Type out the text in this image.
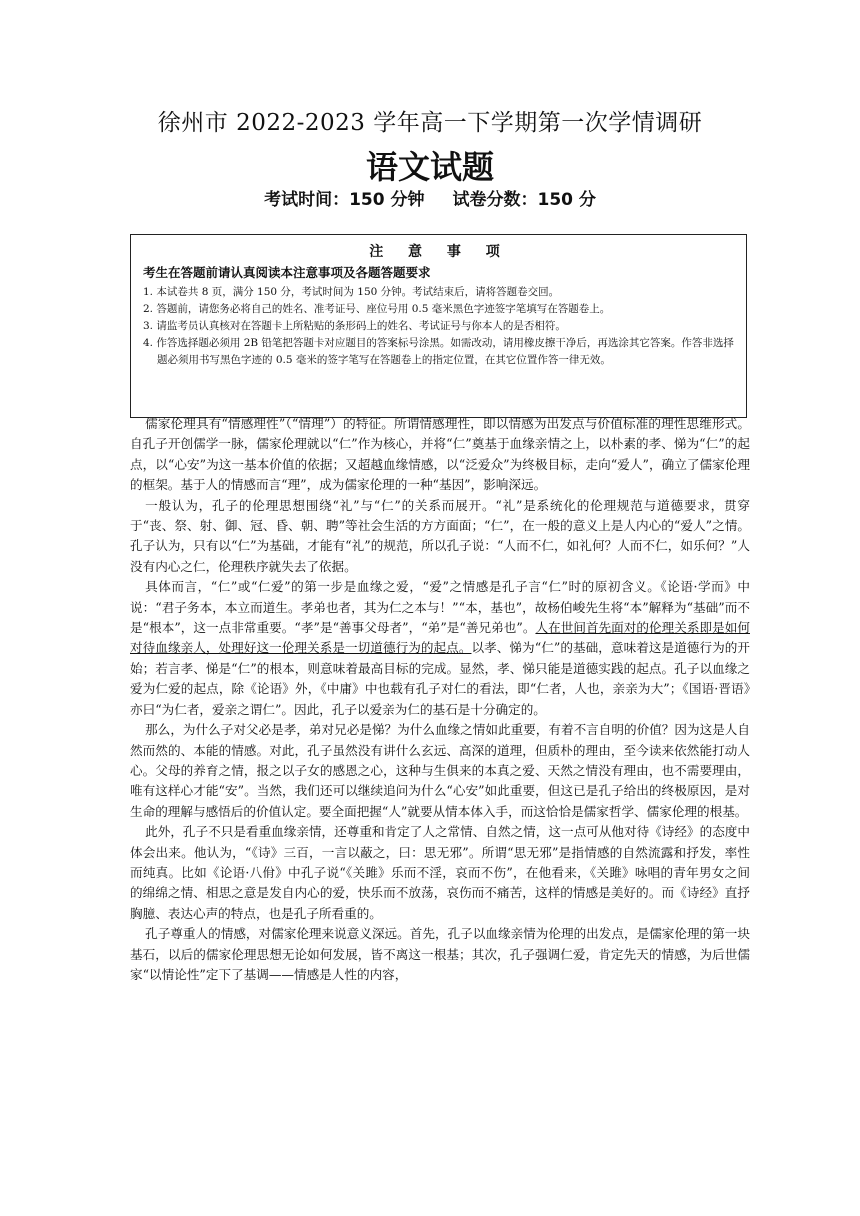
徐州市 2022-2023 学年高一下学期第一次学情调研
语文试题
考试时间：150 分钟 试卷分数：150 分
注 意 事 项
考生在答题前请认真阅读本注意事项及各题答题要求
1. 本试卷共 8 页，满分 150 分，考试时间为 150 分钟。考试结束后，请将答题卷交回。
2. 答题前，请您务必将自己的姓名、准考证号、座位号用 0.5 毫米黑色字迹签字笔填写在答题卷上。
3. 请监考员认真核对在答题卡上所粘贴的条形码上的姓名、考试证号与你本人的是否相符。
4. 作答选择题必须用 2B 铅笔把答题卡对应题目的答案标号涂黑。如需改动，请用橡皮擦干净后，再选涂其它答案。作答非选择题必须用书写黑色字迹的 0.5 毫米的签字笔写在答题卷上的指定位置，在其它位置作答一律无效。

儒家伦理具有“情感理性”（“情理”）的特征。所谓情感理性，即以情感为出发点与价值标准的理性思维形式。自孔子开创儒学一脉，儒家伦理就以“仁”作为核心，并将“仁”奠基于血缘亲情之上，以朴素的孝、悌为“仁”的起点，以“心安”为这一基本价值的依据；又超越血缘情感，以“泛爱众”为终极目标，走向“爱人”，确立了儒家伦理的框架。基于人的情感而言“理”，成为儒家伦理的一种“基因”，影响深远。

一般认为，孔子的伦理思想围绕“礼”与“仁”的关系而展开。“礼”是系统化的伦理规范与道德要求，贯穿于“丧、祭、射、御、冠、昏、朝、聘”等社会生活的方方面面；“仁”，在一般的意义上是人内心的“爱人”之情。孔子认为，只有以“仁”为基础，才能有“礼”的规范，所以孔子说：“人而不仁，如礼何？人而不仁，如乐何？”人没有内心之仁，伦理秩序就失去了依据。

具体而言，“仁”或“仁爱”的第一步是血缘之爱，“爱”之情感是孔子言“仁”时的原初含义。《论语·学而》中说：“君子务本，本立而道生。孝弟也者，其为仁之本与！”“本，基也”，故杨伯峻先生将“本”解释为“基础”而不是“根本”，这一点非常重要。“孝”是“善事父母者”，“弟”是“善兄弟也”。人在世间首先面对的伦理关系即是如何对待血缘亲人，处理好这一伦理关系是一切道德行为的起点。以孝、悌为“仁”的基础，意味着这是道德行为的开始；若言孝、悌是“仁”的根本，则意味着最高目标的完成。显然，孝、悌只能是道德实践的起点。孔子以血缘之爱为仁爱的起点，除《论语》外，《中庸》中也载有孔子对仁的看法，即“仁者，人也，亲亲为大”；《国语·晋语》亦曰“为仁者，爱亲之谓仁”。因此，孔子以爱亲为仁的基石是十分确定的。

那么，为什么子对父必是孝，弟对兄必是悌？为什么血缘之情如此重要，有着不言自明的价值？因为这是人自然而然的、本能的情感。对此，孔子虽然没有讲什么玄远、高深的道理，但质朴的理由，至今读来依然能打动人心。父母的养育之情，报之以子女的感恩之心，这种与生俱来的本真之爱、天然之情没有理由，也不需要理由，唯有这样心才能“安”。当然，我们还可以继续追问为什么“心安”如此重要，但这已是孔子给出的终极原因，是对生命的理解与感悟后的价值认定。要全面把握“人”就要从情本体入手，而这恰恰是儒家哲学、儒家伦理的根基。

此外，孔子不只是看重血缘亲情，还尊重和肯定了人之常情、自然之情，这一点可从他对待《诗经》的态度中体会出来。他认为，“《诗》三百，一言以蔽之，曰：思无邪”。所谓“思无邪”是指情感的自然流露和抒发，率性而纯真。比如《论语·八佾》中孔子说“《关雎》乐而不淫，哀而不伤”，在他看来，《关雎》咏唱的青年男女之间的绵绵之情、相思之意是发自内心的爱，快乐而不放荡，哀伤而不痛苦，这样的情感是美好的。而《诗经》直抒胸臆、表达心声的特点，也是孔子所看重的。

孔子尊重人的情感，对儒家伦理来说意义深远。首先，孔子以血缘亲情为伦理的出发点，是儒家伦理的第一块基石，以后的儒家伦理思想无论如何发展，皆不离这一根基；其次，孔子强调仁爱，肯定先天的情感，为后世儒家“以情论性”定下了基调——情感是人性的内容，
